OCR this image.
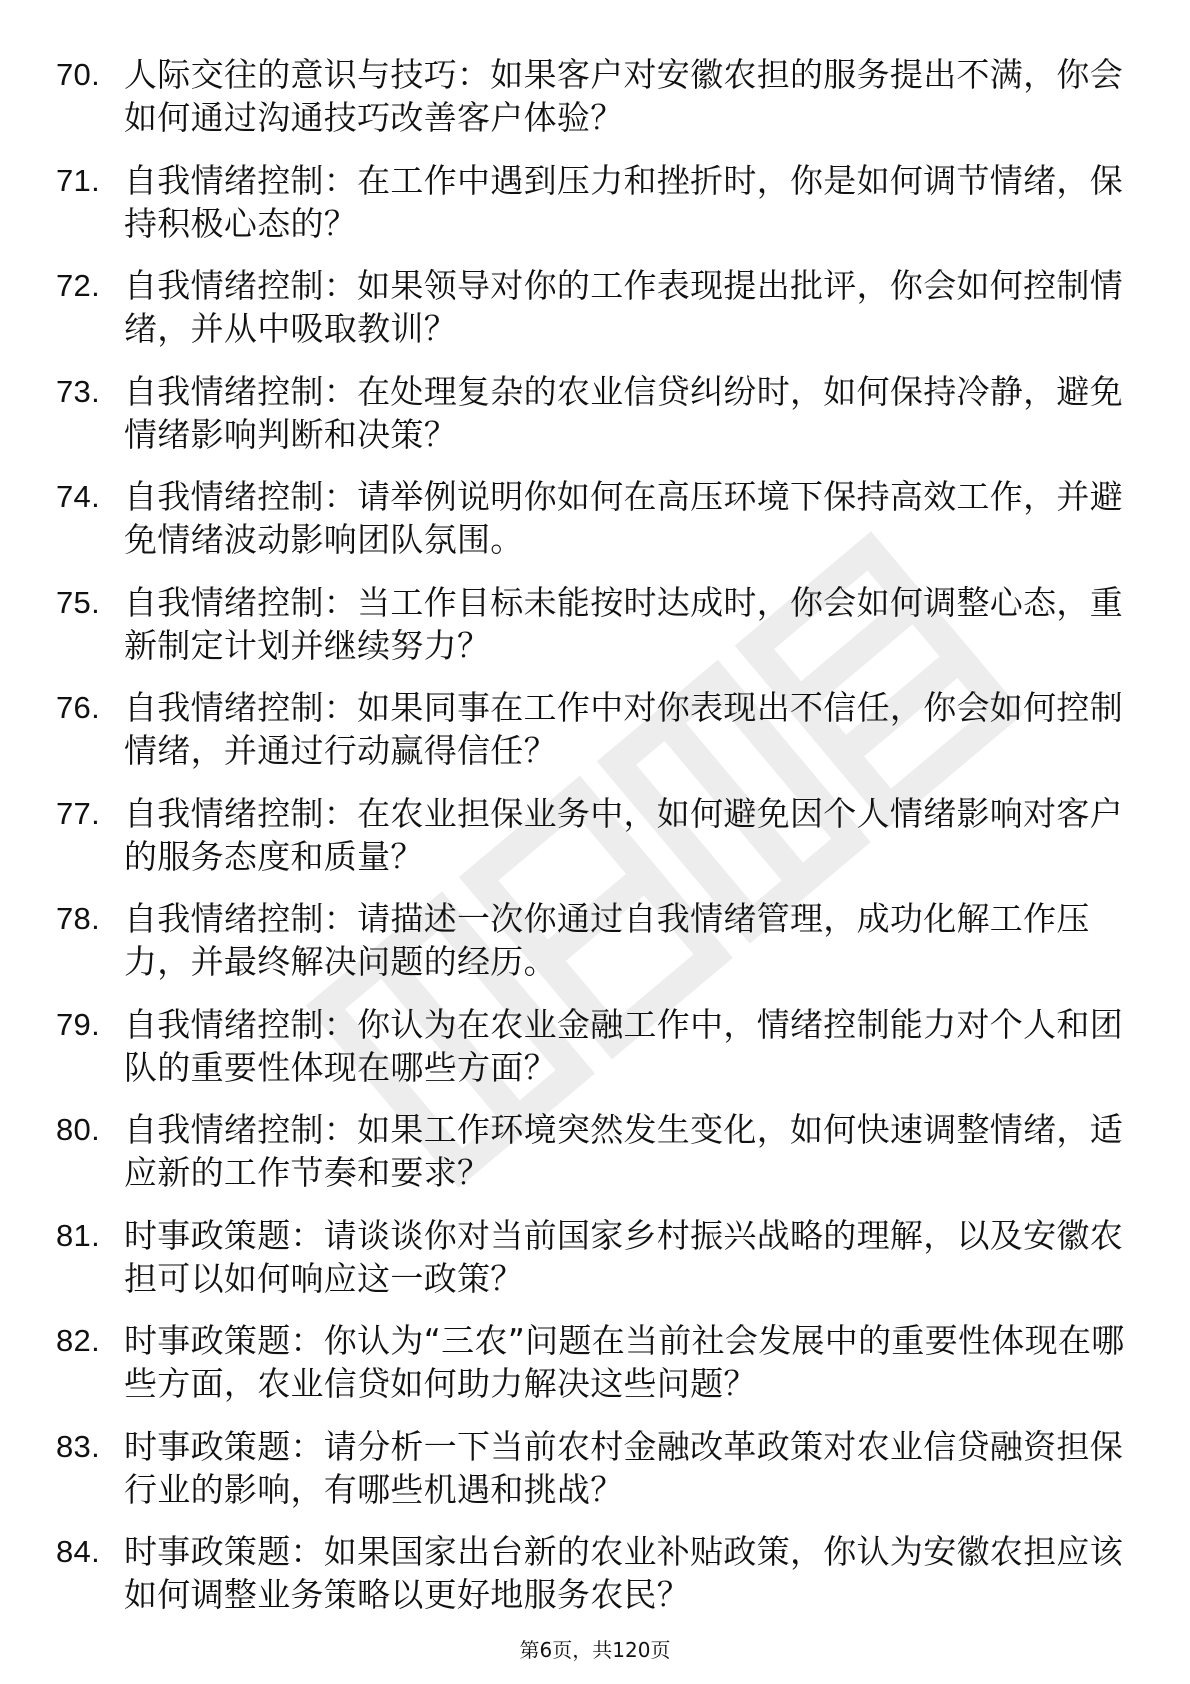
70. 人际交往的意识与技巧：如果客户对安徽农担的服务提出不满，你会如何通过沟通技巧改善客户体验？
71. 自我情绪控制：在工作中遇到压力和挫折时，你是如何调节情绪，保持积极心态的？
72. 自我情绪控制：如果领导对你的工作表现提出批评，你会如何控制情绪，并从中吸取教训？
73. 自我情绪控制：在处理复杂的农业信贷纠纷时，如何保持冷静，避免情绪影响判断和决策？
74. 自我情绪控制：请举例说明你如何在高压环境下保持高效工作，并避免情绪波动影响团队氛围。
75. 自我情绪控制：当工作目标未能按时达成时，你会如何调整心态，重新制定计划并继续努力？
76. 自我情绪控制：如果同事在工作中对你表现出不信任，你会如何控制情绪，并通过行动赢得信任？
77. 自我情绪控制：在农业担保业务中，如何避免因个人情绪影响对客户的服务态度和质量？
78. 自我情绪控制：请描述一次你通过自我情绪管理，成功化解工作压力，并最终解决问题的经历。
79. 自我情绪控制：你认为在农业金融工作中，情绪控制能力对个人和团队的重要性体现在哪些方面？
80. 自我情绪控制：如果工作环境突然发生变化，如何快速调整情绪，适应新的工作节奏和要求？
81. 时事政策题：请谈谈你对当前国家乡村振兴战略的理解，以及安徽农担可以如何响应这一政策？
82. 时事政策题：你认为“三农”问题在当前社会发展中的重要性体现在哪些方面，农业信贷如何助力解决这些问题？
83. 时事政策题：请分析一下当前农村金融改革政策对农业信贷融资担保行业的影响，有哪些机遇和挑战？
84. 时事政策题：如果国家出台新的农业补贴政策，你认为安徽农担应该如何调整业务策略以更好地服务农民？
第6页，共120页
